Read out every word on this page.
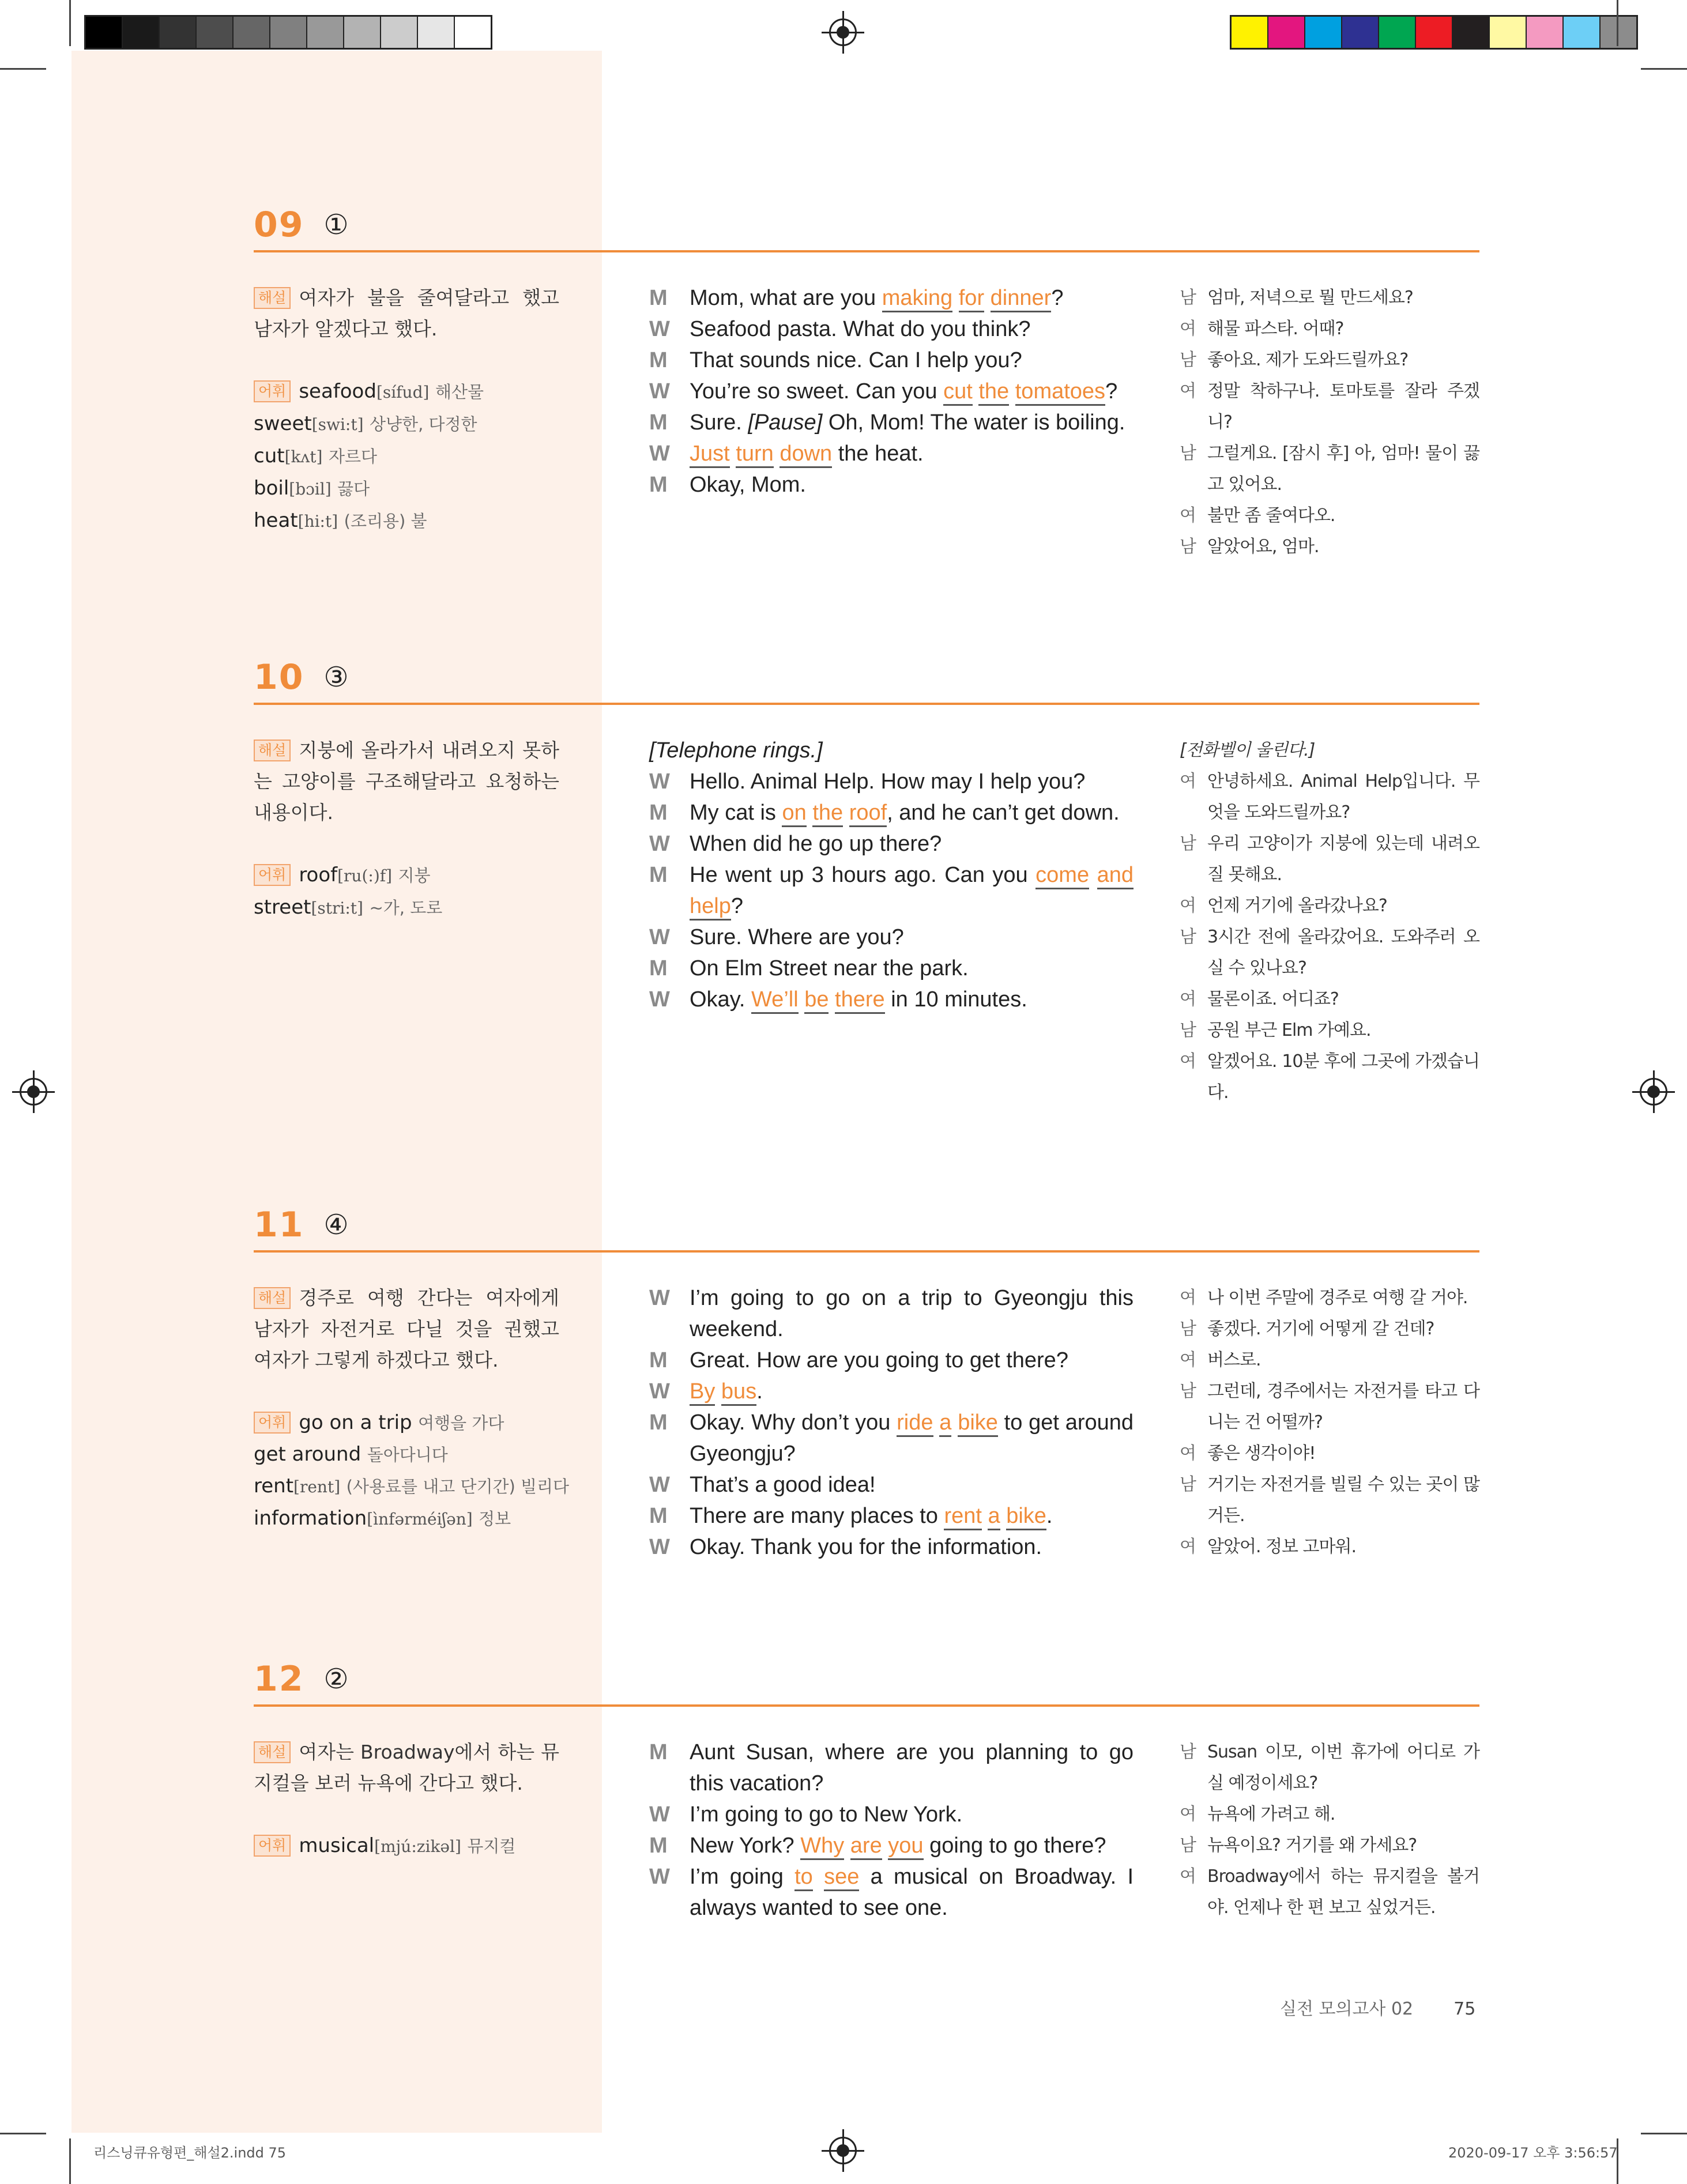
09 ①
해설 여자가 불을 줄여달라고 했고 남자가 알겠다고 했다.
어휘 seafood[sífud] 해산물
sweet[swi:t] 상냥한, 다정한
cut[kʌt] 자르다
boil[bɔil] 끓다
heat[hi:t] (조리용) 불
M	Mom, what are you making for dinner?
W Seafood pasta. What do you think?
M	That sounds nice. Can I help you?
W You’re so sweet. Can you cut the tomatoes?
M	Sure. [Pause] Oh, Mom! The water is boiling.
W Just turn down the heat.
M	Okay, Mom.
남 엄마, 저녁으로 뭘 만드세요?
여 해물 파스타. 어때?
남 좋아요. 제가 도와드릴까요?
여 정말 착하구나. 토마토를 잘라 주겠니?
남 그럴게요. [잠시 후] 아, 엄마! 물이 끓고 있어요.
여 불만 좀 줄여다오.
남 알았어요, 엄마.
10 ③
해설 지붕에 올라가서 내려오지 못하는 고양이를 구조해달라고 요청하는 내용이다.
어휘 roof[ru(:)f] 지붕
street[stri:t] ~가, 도로
[Telephone rings.]
W Hello. Animal Help. How may I help you?
M	My cat is on the roof, and he can’t get down.
W When did he go up there?
M	He went up 3 hours ago. Can you come and help?
W Sure. Where are you?
M	On Elm Street near the park.
W Okay. We’ll be there in 10 minutes.
[전화벨이 울린다.]
여 안녕하세요. Animal Help입니다. 무엇을 도와드릴까요?
남 우리 고양이가 지붕에 있는데 내려오질 못해요.
여 언제 거기에 올라갔나요?
남 3시간 전에 올라갔어요. 도와주러 오실 수 있나요?
여 물론이죠. 어디죠?
남 공원 부근 Elm 가예요.
여 알겠어요. 10분 후에 그곳에 가겠습니다.
11 ④
해설 경주로 여행 간다는 여자에게 남자가 자전거로 다닐 것을 권했고 여자가 그렇게 하겠다고 했다.
어휘 go on a trip 여행을 가다
get around 돌아다니다
rent[rent] (사용료를 내고 단기간) 빌리다
information[ìnfərméiʃən] 정보
W I’m going to go on a trip to Gyeongju this weekend.
M	Great. How are you going to get there?
W By bus.
M	Okay. Why don’t you ride a bike to get around Gyeongju?
W That’s a good idea!
M	There are many places to rent a bike.
W Okay. Thank you for the information.
여 나 이번 주말에 경주로 여행 갈 거야.
남 좋겠다. 거기에 어떻게 갈 건데?
여 버스로.
남 그런데, 경주에서는 자전거를 타고 다니는 건 어떨까?
여 좋은 생각이야!
남 거기는 자전거를 빌릴 수 있는 곳이 많거든.
여 알았어. 정보 고마워.
12 ②
해설 여자는 Broadway에서 하는 뮤지컬을 보러 뉴욕에 간다고 했다.
어휘 musical[mjú:zikəl] 뮤지컬
M	Aunt Susan, where are you planning to go this vacation?
W I’m going to go to New York.
M	New York? Why are you going to go there?
W I’m going to see a musical on Broadway. I always wanted to see one.
남 Susan 이모, 이번 휴가에 어디로 가실 예정이세요?
여 뉴욕에 가려고 해.
남 뉴욕이요? 거기를 왜 가세요?
여 Broadway에서 하는 뮤지컬을 볼거야. 언제나 한 편 보고 싶었거든.
실전 모의고사 02 75
리스닝큐유형편_해설2.indd 75	2020-09-17 오후 3:56:57
